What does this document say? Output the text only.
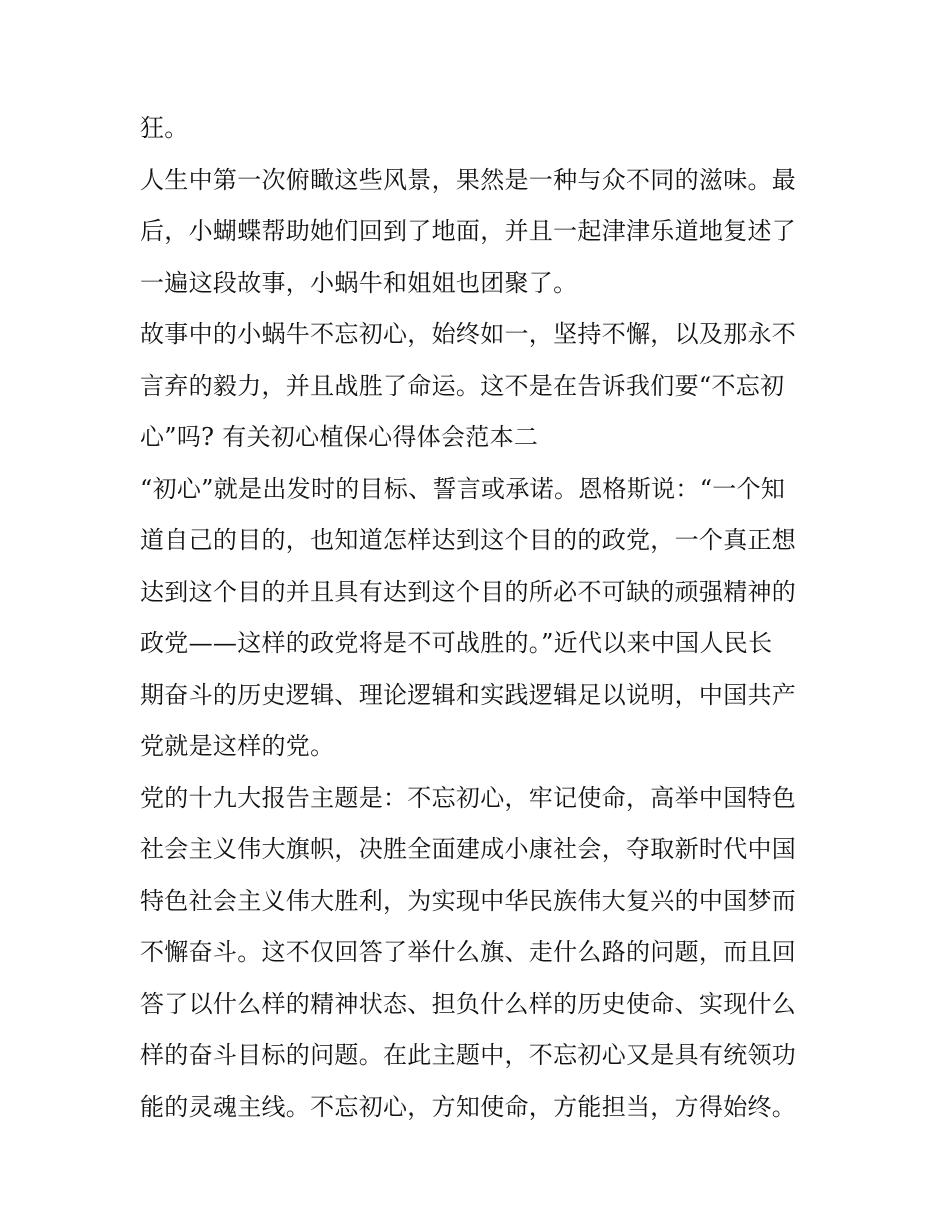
狂。
人生中第一次俯瞰这些风景，果然是一种与众不同的滋味。最
后，小蝴蝶帮助她们回到了地面，并且一起津津乐道地复述了
一遍这段故事，小蜗牛和姐姐也团聚了。
故事中的小蜗牛不忘初心，始终如一，坚持不懈，以及那永不
言弃的毅力，并且战胜了命运。这不是在告诉我们要“不忘初
心”吗? 有关初心植保心得体会范本二
“初心”就是出发时的目标、誓言或承诺。恩格斯说：“一个知
道自己的目的，也知道怎样达到这个目的的政党，一个真正想
达到这个目的并且具有达到这个目的所必不可缺的顽强精神的
政党——这样的政党将是不可战胜的。”近代以来中国人民长
期奋斗的历史逻辑、理论逻辑和实践逻辑足以说明，中国共产
党就是这样的党。
党的十九大报告主题是：不忘初心，牢记使命，高举中国特色
社会主义伟大旗帜，决胜全面建成小康社会，夺取新时代中国
特色社会主义伟大胜利，为实现中华民族伟大复兴的中国梦而
不懈奋斗。这不仅回答了举什么旗、走什么路的问题，而且回
答了以什么样的精神状态、担负什么样的历史使命、实现什么
样的奋斗目标的问题。在此主题中，不忘初心又是具有统领功
能的灵魂主线。不忘初心，方知使命，方能担当，方得始终。
